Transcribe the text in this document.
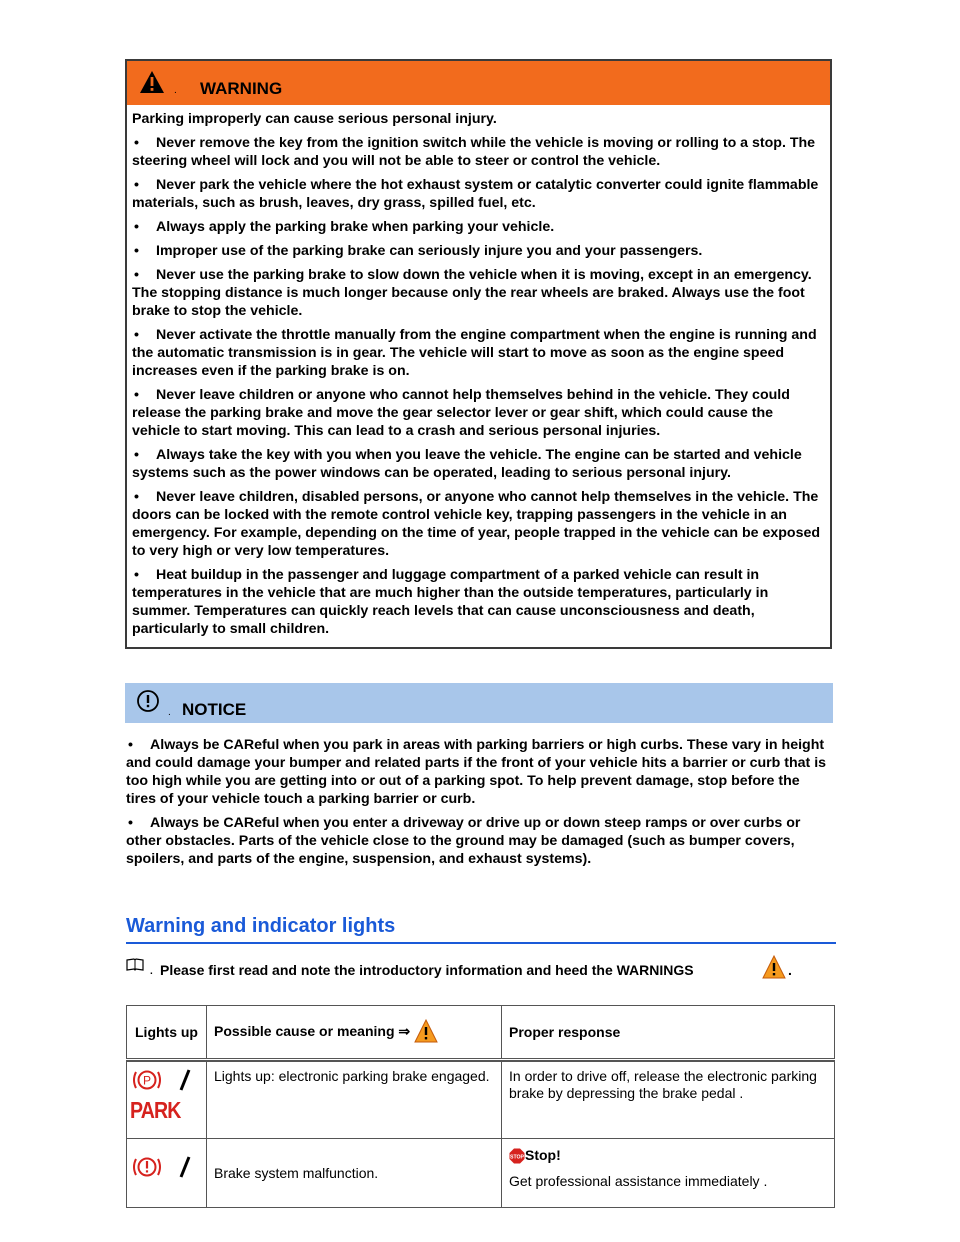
. WARNING

Parking improperly can cause serious personal injury.

• Never remove the key from the ignition switch while the vehicle is moving or rolling to a stop. The steering wheel will lock and you will not be able to steer or control the vehicle.

• Never park the vehicle where the hot exhaust system or catalytic converter could ignite flammable materials, such as brush, leaves, dry grass, spilled fuel, etc.

• Always apply the parking brake when parking your vehicle.

• Improper use of the parking brake can seriously injure you and your passengers.

• Never use the parking brake to slow down the vehicle when it is moving, except in an emergency. The stopping distance is much longer because only the rear wheels are braked. Always use the foot brake to stop the vehicle.

• Never activate the throttle manually from the engine compartment when the engine is running and the automatic transmission is in gear. The vehicle will start to move as soon as the engine speed increases even if the parking brake is on.

• Never leave children or anyone who cannot help themselves behind in the vehicle. They could release the parking brake and move the gear selector lever or gear shift, which could cause the vehicle to start moving. This can lead to a crash and serious personal injuries.

• Always take the key with you when you leave the vehicle. The engine can be started and vehicle systems such as the power windows can be operated, leading to serious personal injury.

• Never leave children, disabled persons, or anyone who cannot help themselves in the vehicle. The doors can be locked with the remote control vehicle key, trapping passengers in the vehicle in an emergency. For example, depending on the time of year, people trapped in the vehicle can be exposed to very high or very low temperatures.

• Heat buildup in the passenger and luggage compartment of a parked vehicle can result in temperatures in the vehicle that are much higher than the outside temperatures, particularly in summer. Temperatures can quickly reach levels that can cause unconsciousness and death, particularly to small children.

. NOTICE

• Always be CAReful when you park in areas with parking barriers or high curbs. These vary in height and could damage your bumper and related parts if the front of your vehicle hits a barrier or curb that is too high while you are getting into or out of a parking spot. To help prevent damage, stop before the tires of your vehicle touch a parking barrier or curb.

• Always be CAReful when you enter a driveway or drive up or down steep ramps or over curbs or other obstacles. Parts of the vehicle close to the ground may be damaged (such as bumper covers, spoilers, and parts of the engine, suspension, and exhaust systems).

Warning and indicator lights
. Please first read and note the introductory information and heed the WARNINGS	.
Lights up	Possible cause or meaning ⇒	Proper response

P
PARK	Lights up: electronic parking brake engaged.	In order to drive off, release the electronic parking brake by depressing the brake pedal .

	Brake system malfunction.	STOP Stop!
Get professional assistance immediately .
